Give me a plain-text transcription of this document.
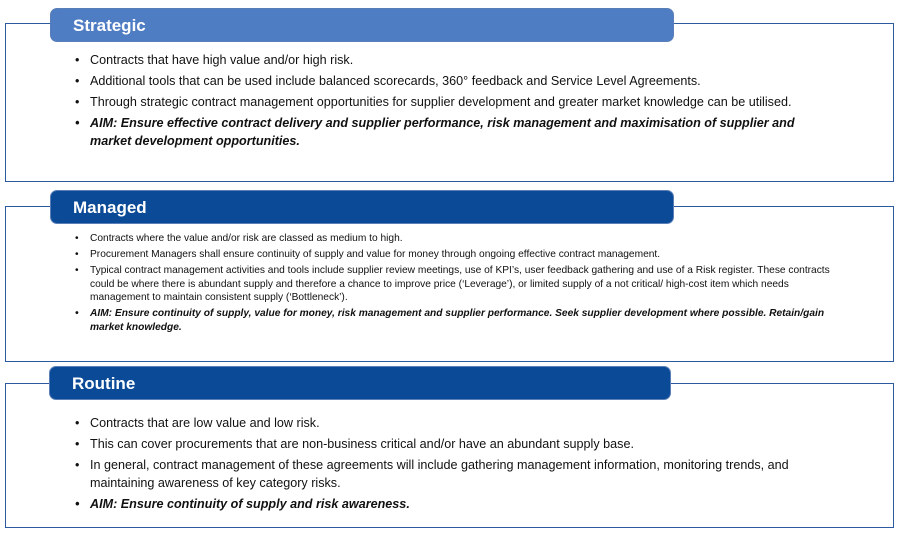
Strategic
• Contracts that have high value and/or high risk.
• Additional tools that can be used include balanced scorecards, 360° feedback and Service Level Agreements.
• Through strategic contract management opportunities for supplier development and greater market knowledge can be utilised.
• AIM: Ensure effective contract delivery and supplier performance, risk management and maximisation of supplier and market development opportunities.
Managed
• Contracts where the value and/or risk are classed as medium to high.
• Procurement Managers shall ensure continuity of supply and value for money through ongoing effective contract management.
• Typical contract management activities and tools include supplier review meetings, use of KPI’s, user feedback gathering and use of a Risk register. These contracts could be where there is abundant supply and therefore a chance to improve price (‘Leverage’), or limited supply of a not critical/ high-cost item which needs management to maintain consistent supply (‘Bottleneck’).
• AIM: Ensure continuity of supply, value for money, risk management and supplier performance. Seek supplier development where possible. Retain/gain market knowledge.
Routine
• Contracts that are low value and low risk.
• This can cover procurements that are non-business critical and/or have an abundant supply base.
• In general, contract management of these agreements will include gathering management information, monitoring trends, and maintaining awareness of key category risks.
• AIM: Ensure continuity of supply and risk awareness.
